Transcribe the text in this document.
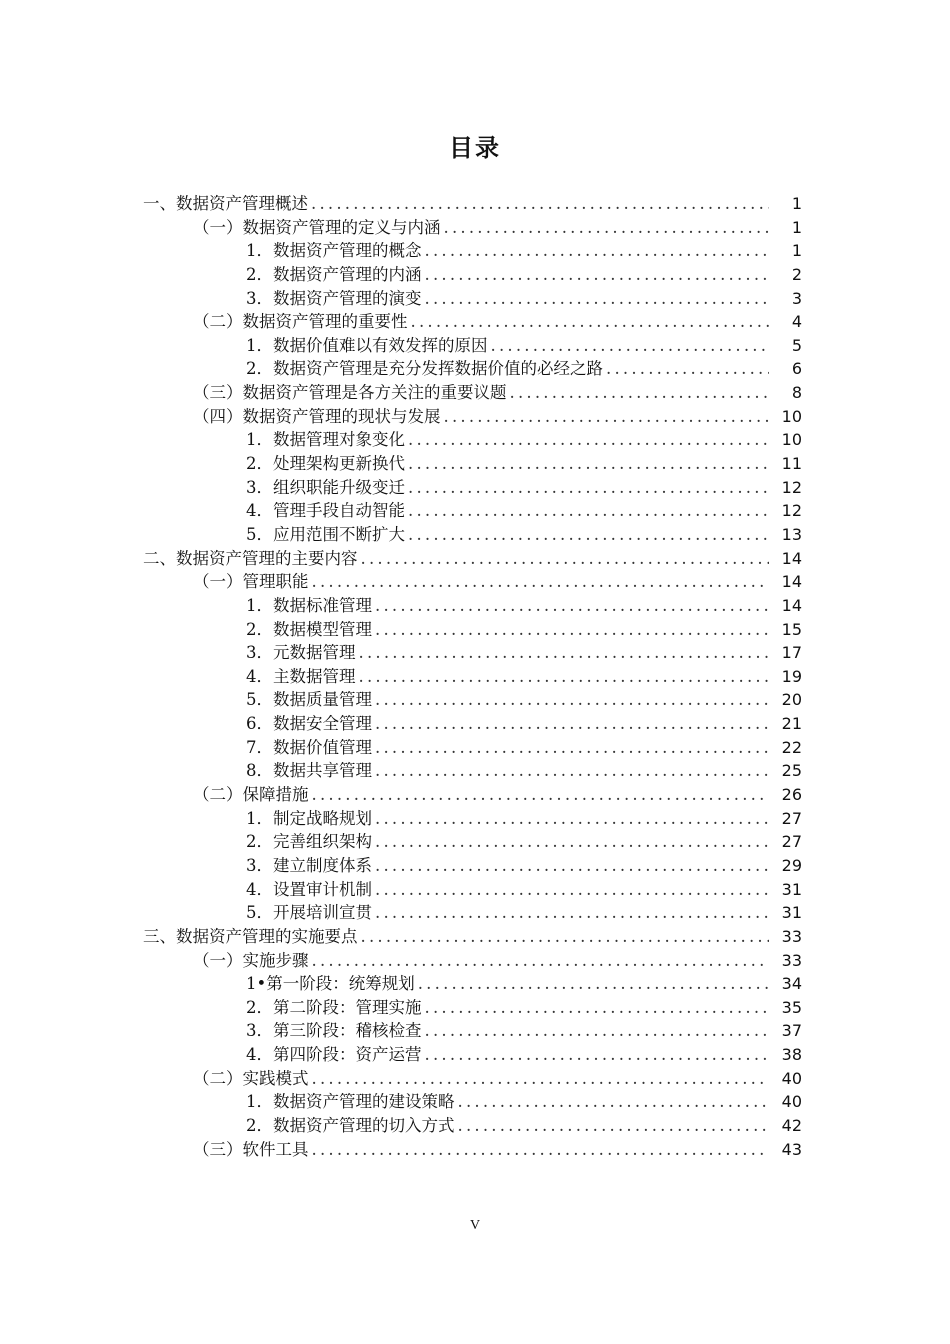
目录
一、数据资产管理概述 .....	1
（一）数据资产管理的定义与内涵 .....	1
1．数据资产管理的概念 .....	1
2．数据资产管理的内涵 .....	2
3．数据资产管理的演变 .....	3
（二）数据资产管理的重要性 .....	4
1．数据价值难以有效发挥的原因 .....	5
2．数据资产管理是充分发挥数据价值的必经之路 .....	6
（三）数据资产管理是各方关注的重要议题 .....	8
（四）数据资产管理的现状与发展 .....	10
1．数据管理对象变化 .....	10
2．处理架构更新换代 .....	11
3．组织职能升级变迁 .....	12
4．管理手段自动智能 .....	12
5．应用范围不断扩大 .....	13
二、数据资产管理的主要内容 .....	14
（一）管理职能 .....	14
1．数据标准管理 .....	14
2．数据模型管理 .....	15
3．元数据管理 .....	17
4．主数据管理 .....	19
5．数据质量管理 .....	20
6．数据安全管理 .....	21
7．数据价值管理 .....	22
8．数据共享管理 .....	25
（二）保障措施 .....	26
1．制定战略规划 .....	27
2．完善组织架构 .....	27
3．建立制度体系 .....	29
4．设置审计机制 .....	31
5．开展培训宣贯 .....	31
三、数据资产管理的实施要点 .....	33
（一）实施步骤 .....	33
1•第一阶段：统筹规划 .....	34
2．第二阶段：管理实施 .....	35
3．第三阶段：稽核检查 .....	37
4．第四阶段：资产运营 .....	38
（二）实践模式 .....	40
1．数据资产管理的建设策略 .....	40
2．数据资产管理的切入方式 .....	42
（三）软件工具 .....	43
V
